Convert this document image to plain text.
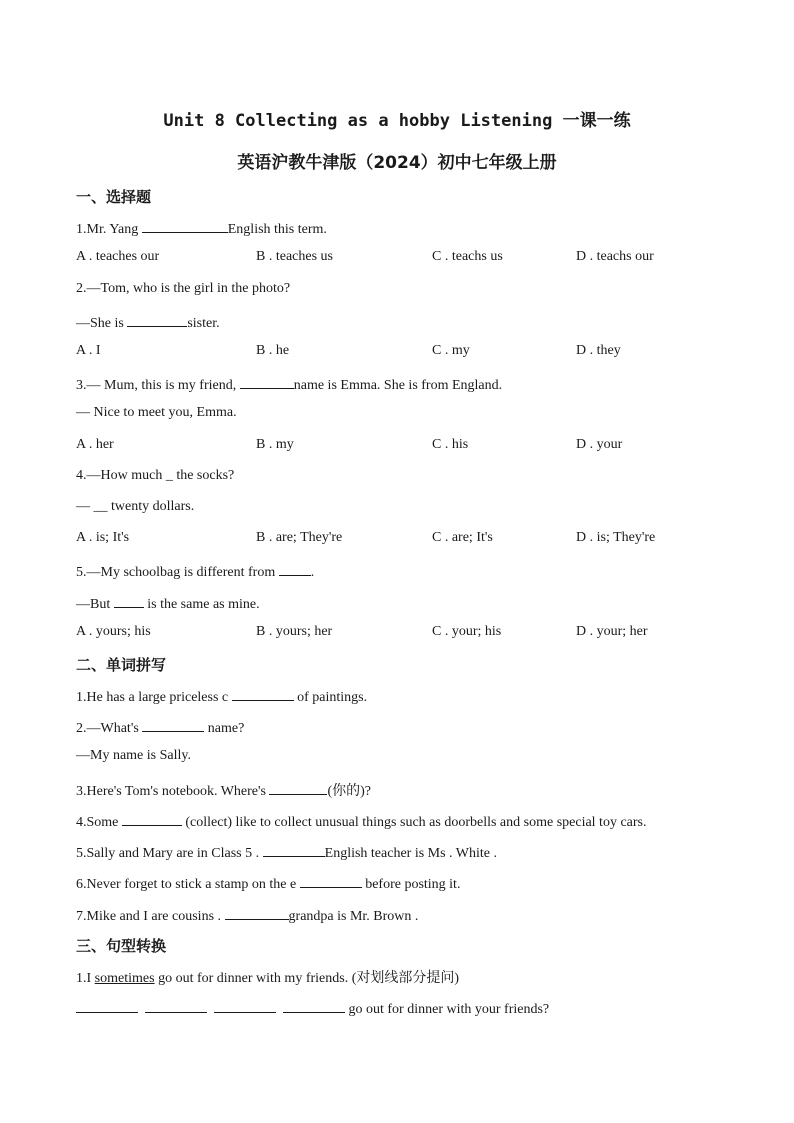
Unit 8 Collecting as a hobby Listening 一课一练
英语沪教牛津版（2024）初中七年级上册
一、选择题
1.Mr. Yang	English this term.
A . teaches our	B . teaches us	C . teachs us	D . teachs our
2.—Tom, who is the girl in the photo?
—She is	sister.
A . I	B . he	C . my	D . they
3.— Mum, this is my friend,	name is Emma. She is from England.
— Nice to meet you, Emma.
A . her	B . my	C . his	D . your
4.—How much _ the socks?
— __ twenty dollars.
A . is; It's	B . are; They're	C . are; It's	D . is; They're
5.—My schoolbag is different from .
—But  is the same as mine.
A . yours; his	B . yours; her	C . your; his	D . your; her
二、单词拼写
1.He has a large priceless c	of paintings.
2.—What's	name?
—My name is Sally.
3.Here's Tom's notebook. Where's	(你的)?
4.Some	(collect) like to collect unusual things such as doorbells and some special toy cars.
5.Sally and Mary are in Class 5 .	English teacher is Ms . White .
6.Never forget to stick a stamp on the e	before posting it.
7.Mike and I are cousins .	grandpa is Mr. Brown .
三、句型转换
1.I sometimes go out for dinner with my friends. (对划线部分提问)
go out for dinner with your friends?
